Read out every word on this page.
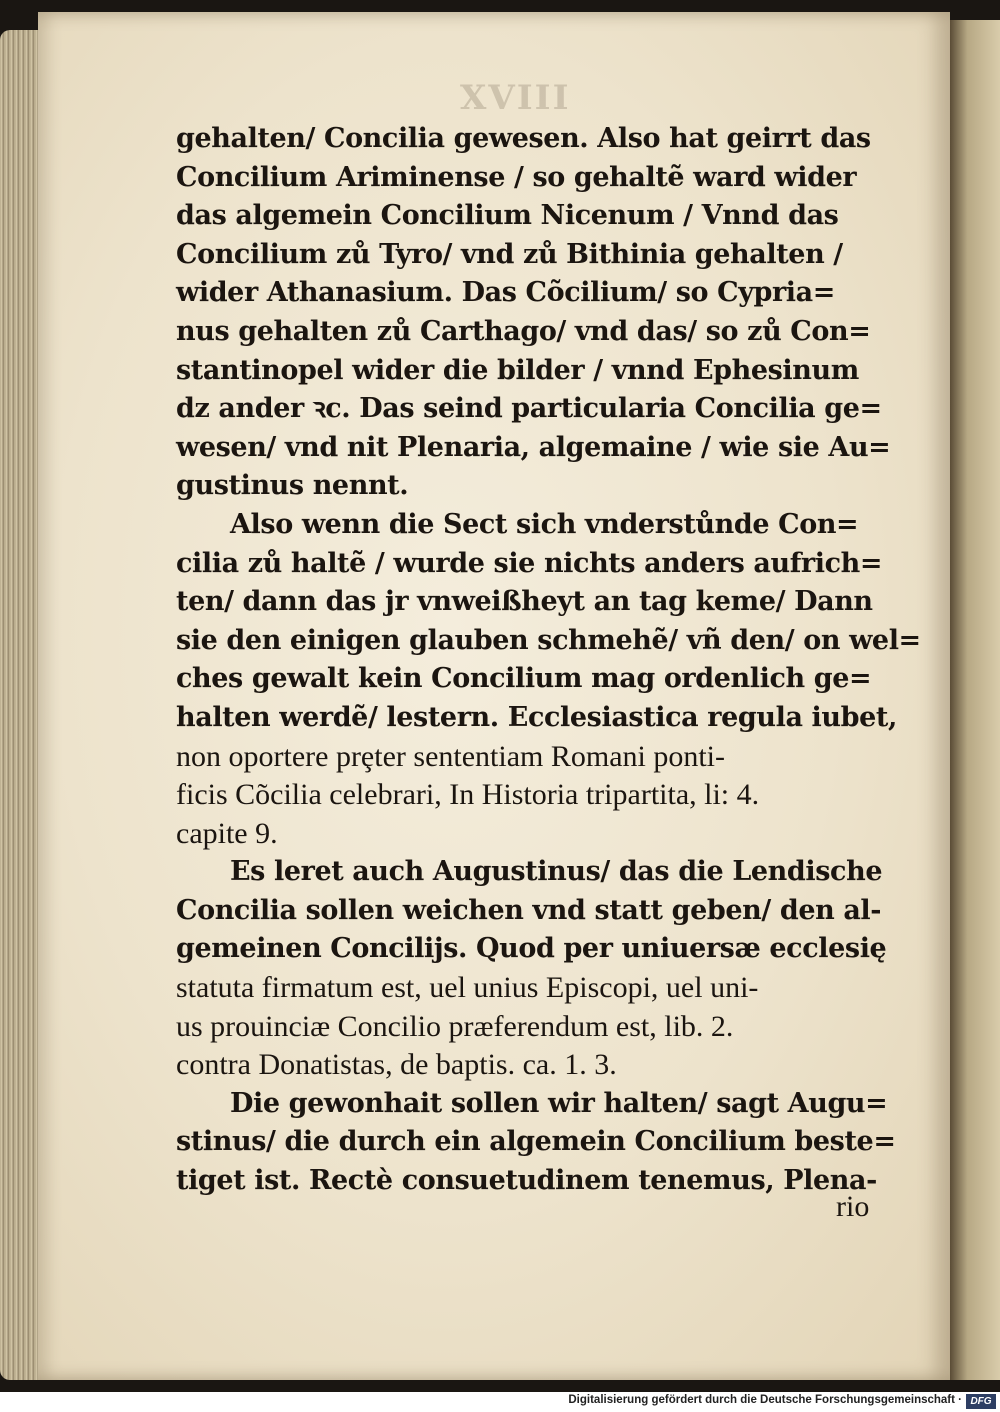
XVIII
gehalten/ Concilia gewesen. Also hat geirrt das
Concilium Ariminense / so gehaltẽ ward wider
das algemein Concilium Nicenum / Vnnd das
Concilium zů Tyro/ vnd zů Bithinia gehalten /
wider Athanasium. Das Cõcilium/ so Cypria=
nus gehalten zů Carthago/ vnd das/ so zů Con=
stantinopel wider die bilder / vnnd Ephesinum
dz ander ꝛc. Das seind particularia Concilia ge=
wesen/ vnd nit Plenaria, algemaine / wie sie Au=
gustinus nennt.
Also wenn die Sect sich vnderstůnde Con=
cilia zů haltẽ / wurde sie nichts anders aufrich=
ten/ dann das jr vnweißheyt an tag keme/ Dann
sie den einigen glauben schmehẽ/ vñ den/ on wel=
ches gewalt kein Concilium mag ordenlich ge=
halten werdẽ/ lestern. Ecclesiastica regula iubet,
non oportere prȩter sententiam Romani ponti-
ficis Cõcilia celebrari, In Historia tripartita, li: 4.
capite 9.
Es leret auch Augustinus/ das die Lendische
Concilia sollen weichen vnd statt geben/ den al-
gemeinen Concilijs. Quod per uniuersæ ecclesię
statuta firmatum est, uel unius Episcopi, uel uni-
us prouinciæ Concilio præferendum est, lib. 2.
contra Donatistas, de baptis. ca. 1. 3.
Die gewonhait sollen wir halten/ sagt Augu=
stinus/ die durch ein algemein Concilium beste=
tiget ist. Rectè consuetudinem tenemus, Plena-
rio
Digitalisierung gefördert durch die Deutsche Forschungsgemeinschaft · DFG
